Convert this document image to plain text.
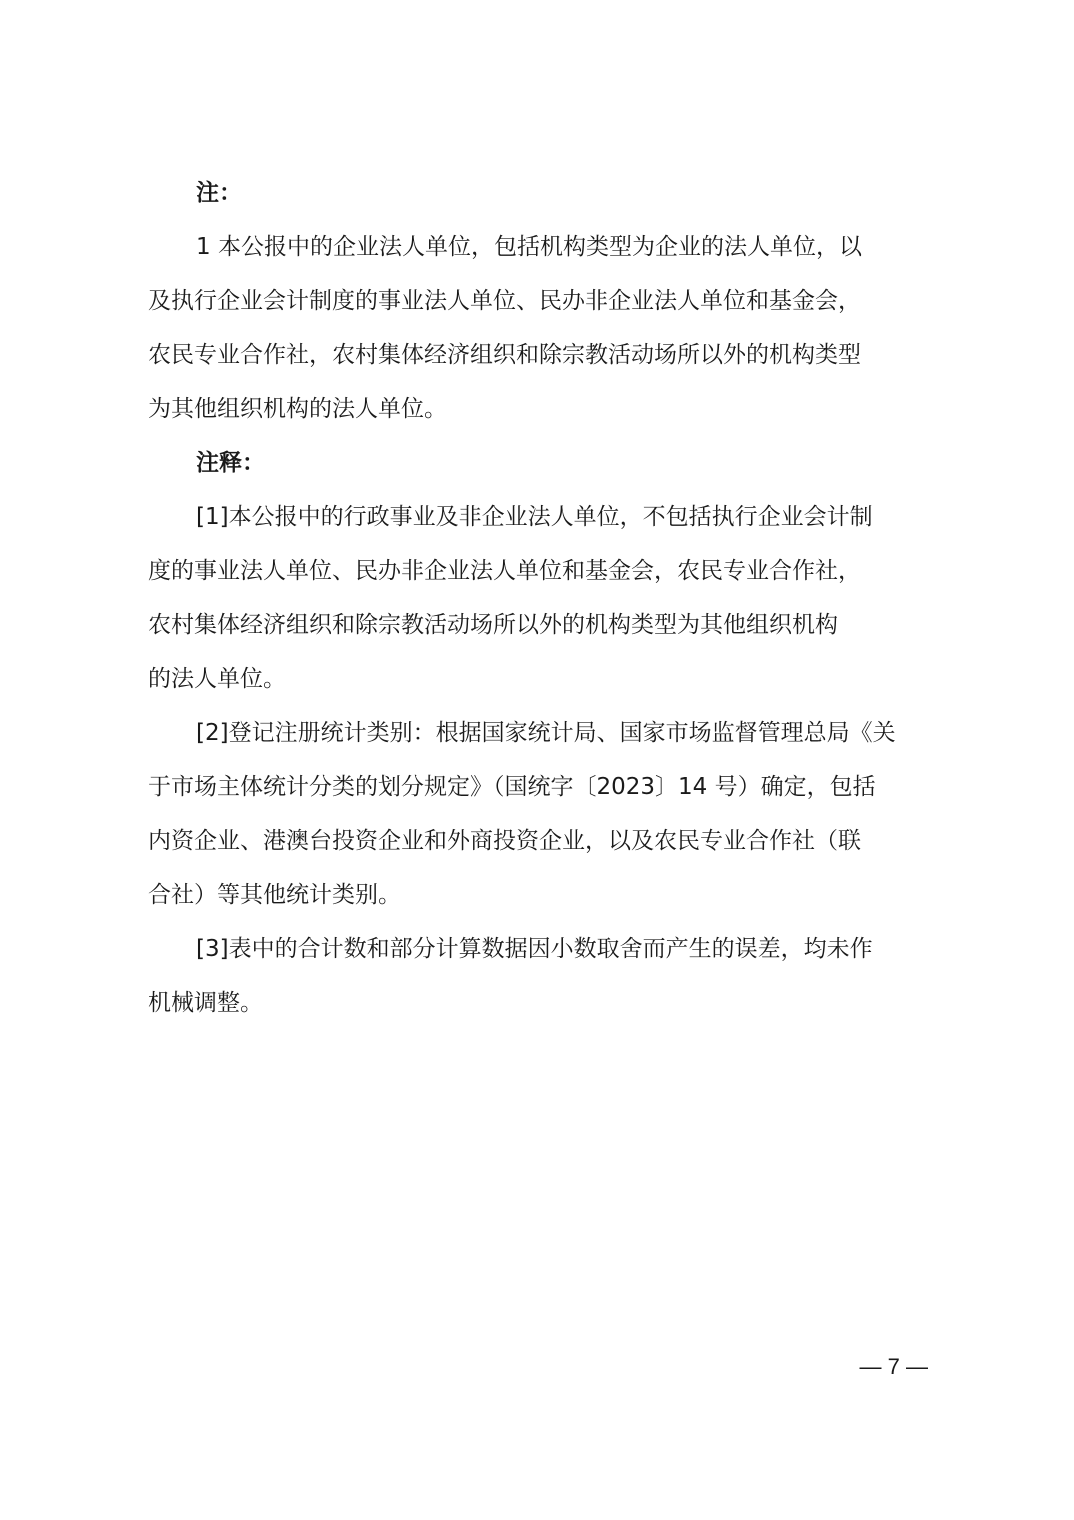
注：
1 本公报中的企业法人单位，包括机构类型为企业的法人单位，以
及执行企业会计制度的事业法人单位、民办非企业法人单位和基金会，
农民专业合作社，农村集体经济组织和除宗教活动场所以外的机构类型
为其他组织机构的法人单位。
注释：
[1]本公报中的行政事业及非企业法人单位，不包括执行企业会计制
度的事业法人单位、民办非企业法人单位和基金会，农民专业合作社，
农村集体经济组织和除宗教活动场所以外的机构类型为其他组织机构
的法人单位。
[2]登记注册统计类别：根据国家统计局、国家市场监督管理总局《关
于市场主体统计分类的划分规定》（国统字〔2023〕14 号）确定，包括
内资企业、港澳台投资企业和外商投资企业，以及农民专业合作社（联
合社）等其他统计类别。
[3]表中的合计数和部分计算数据因小数取舍而产生的误差，均未作
机械调整。
— 7 —
